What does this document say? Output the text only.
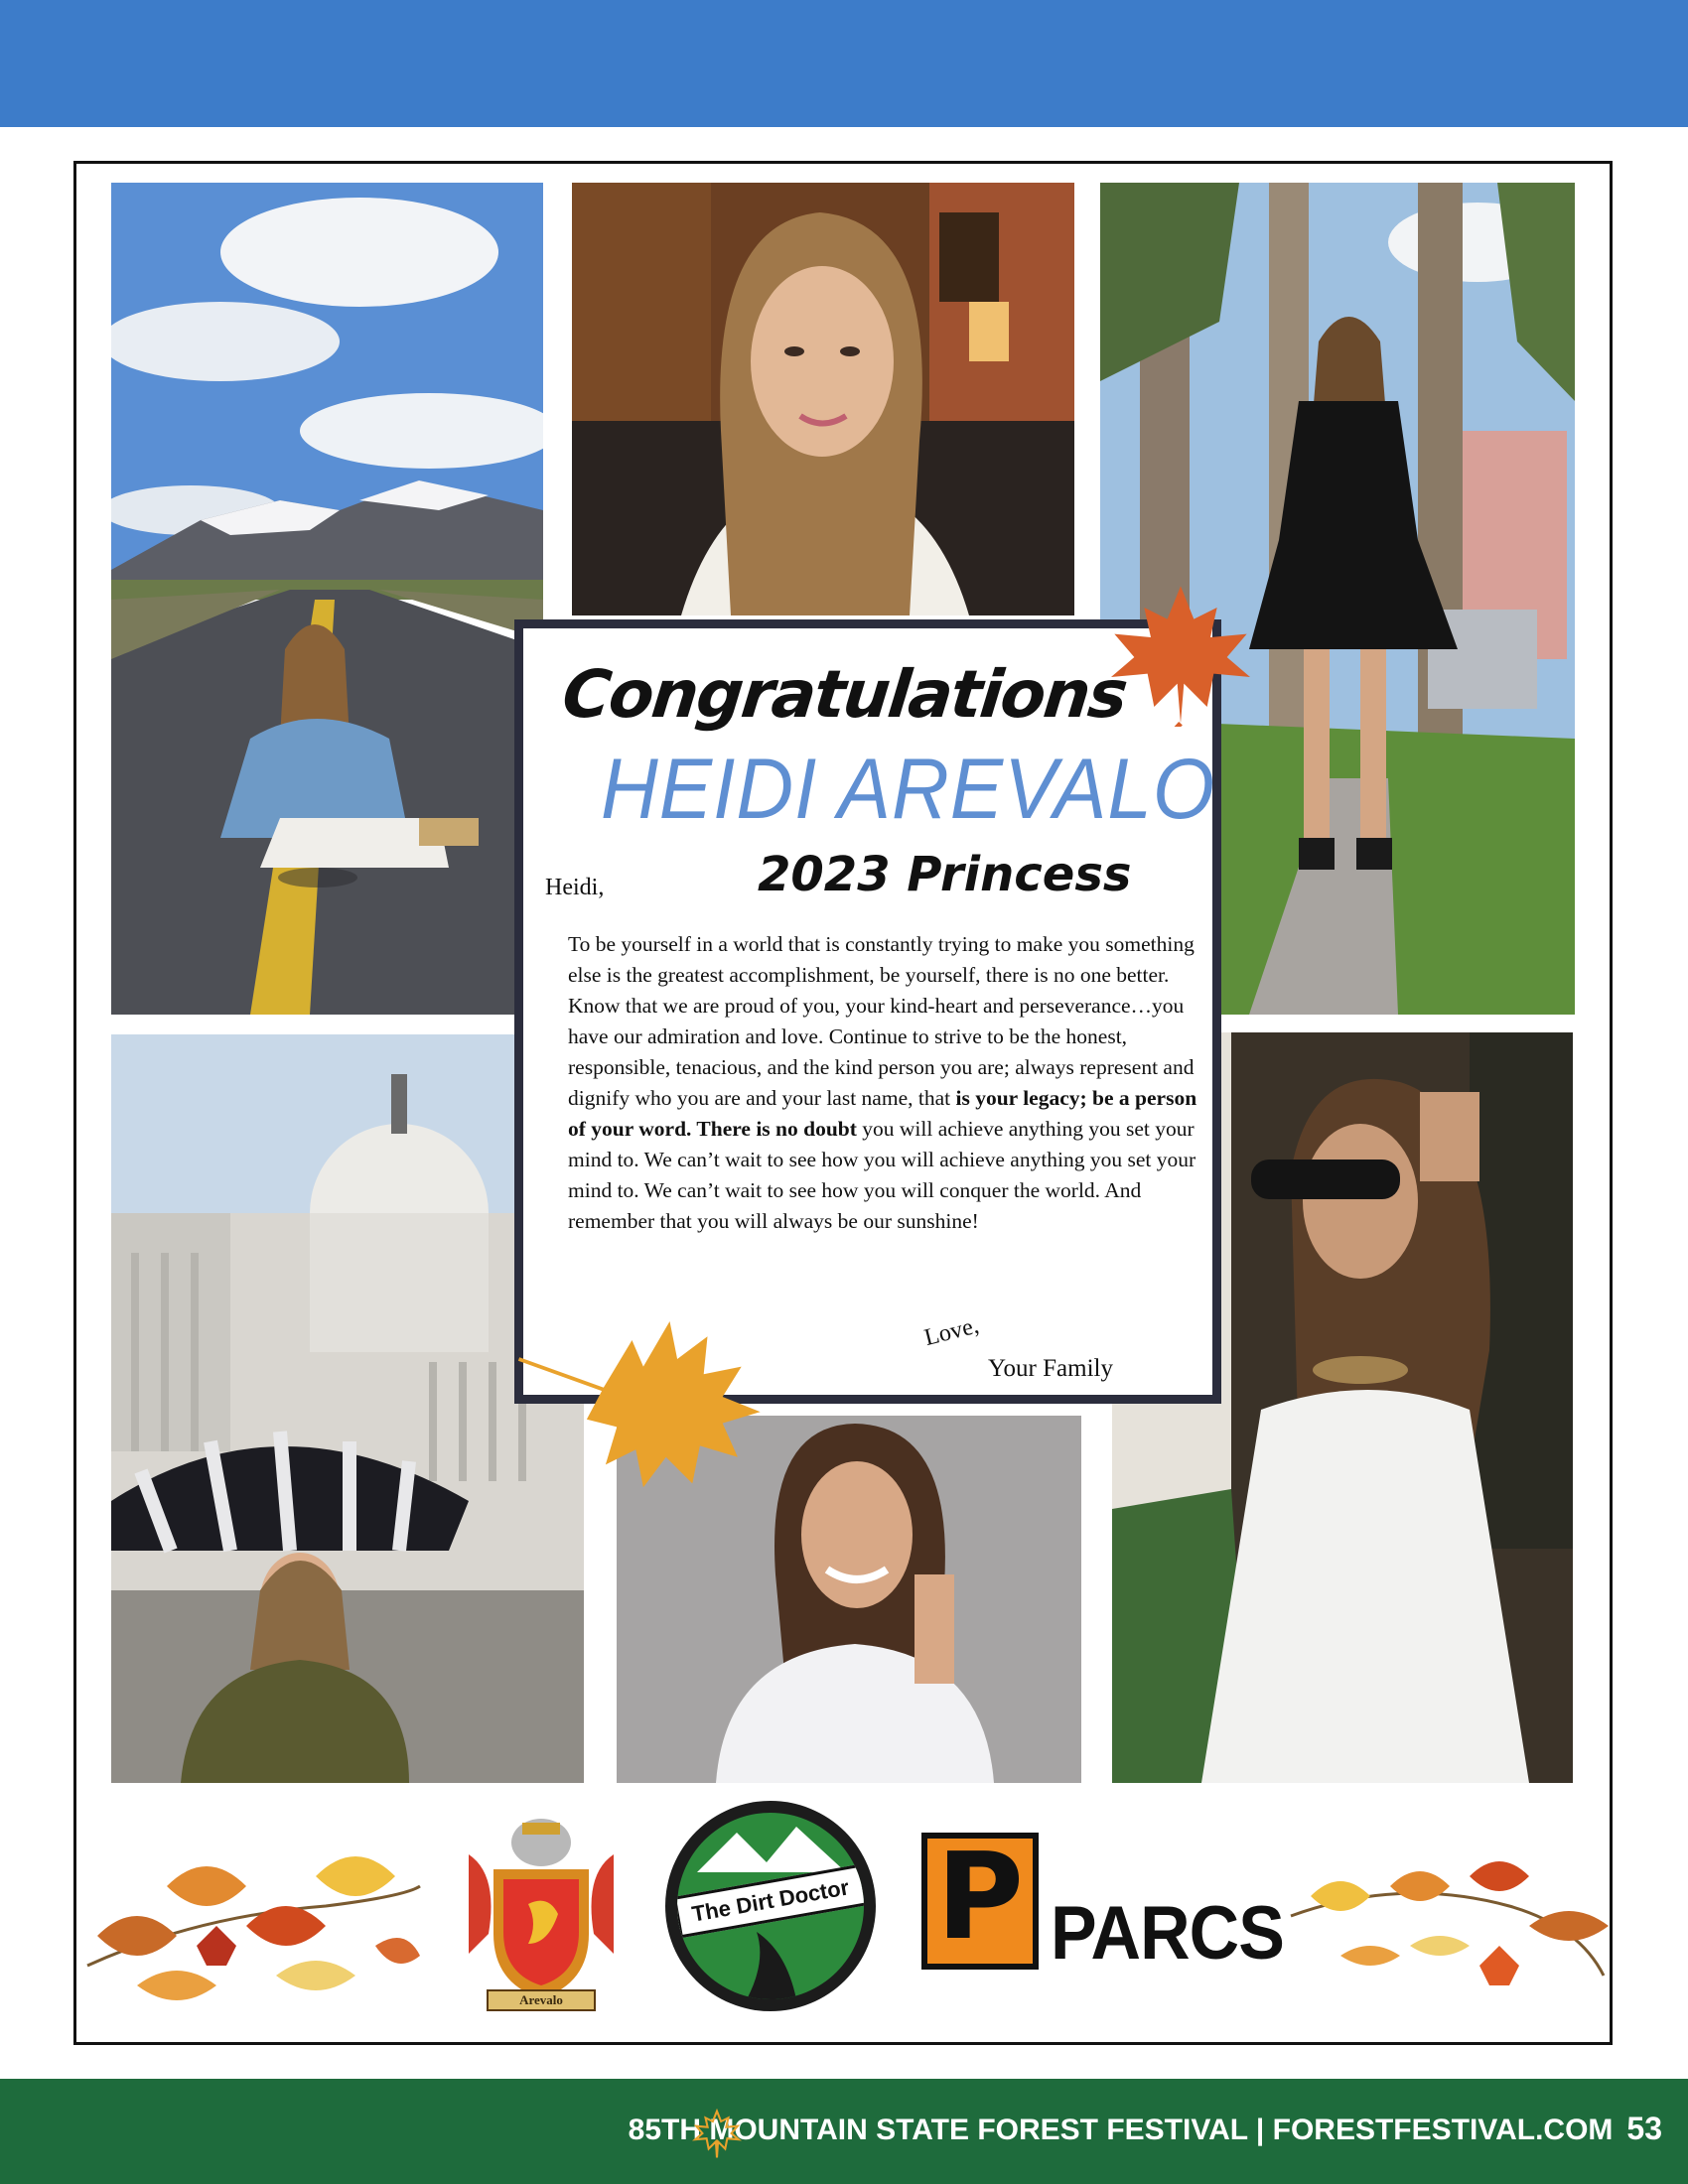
Congratulations
HEIDI AREVALO
2023 Princess
Heidi,
To be yourself in a world that is constantly trying to make you something else is the greatest accomplishment, be yourself, there is no one better. Know that we are proud of you, your kind-heart and perseverance…you have our admiration and love. Continue to strive to be the honest, responsible, tenacious, and the kind person you are; always represent and dignify who you are and your last name, that is your legacy; be a person of your word. There is no doubt you will achieve anything you set your mind to. We can’t wait to see how you will achieve anything you set your mind to. We can’t wait to see how you will conquer the world. And remember that you will always be our sunshine!
Love,
Your Family
Arevalo
The Dirt Doctor P PARCS
85TH MOUNTAIN STATE FOREST FESTIVAL | FORESTFESTIVAL.COM 53
